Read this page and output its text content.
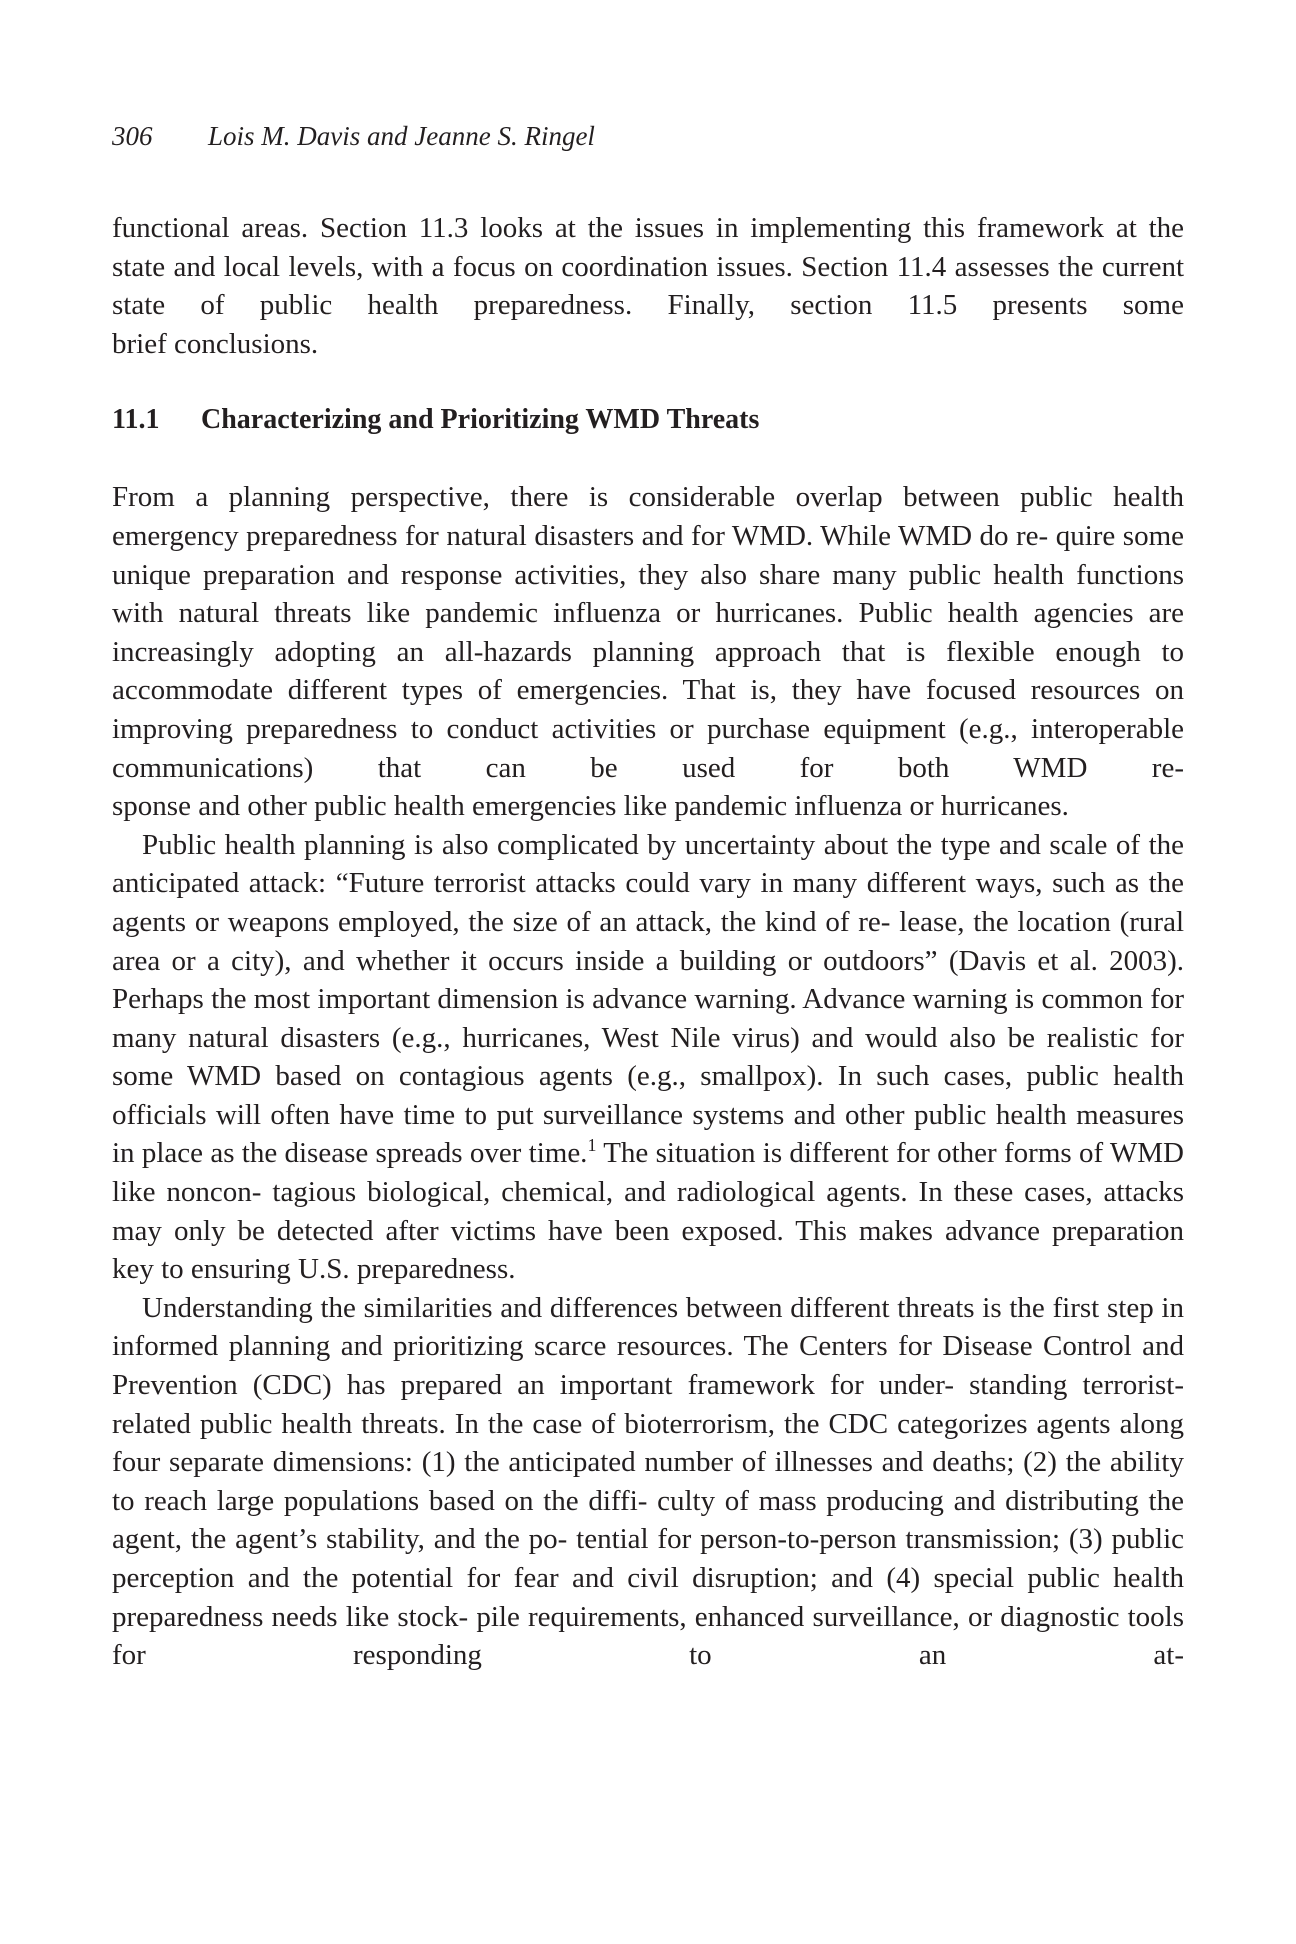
306 Lois M. Davis and Jeanne S. Ringel

functional areas. Section 11.3 looks at the issues in implementing this framework at the state and local levels, with a focus on coordination issues. Section 11.4 assesses the current state of public health preparedness. Finally, section 11.5 presents some

brief conclusions.

11.1 Characterizing and Prioritizing WMD Threats

From a planning perspective, there is considerable overlap between public health emergency preparedness for natural disasters and for WMD. While WMD do re- quire some unique preparation and response activities, they also share many public health functions with natural threats like pandemic influenza or hurricanes. Public health agencies are increasingly adopting an all-hazards planning approach that is flexible enough to accommodate different types of emergencies. That is, they have focused resources on improving preparedness to conduct activities or purchase equipment (e.g., interoperable communications) that can be used for both WMD re-

sponse and other public health emergencies like pandemic influenza or hurricanes.

Public health planning is also complicated by uncertainty about the type and scale of the anticipated attack: “Future terrorist attacks could vary in many different ways, such as the agents or weapons employed, the size of an attack, the kind of re- lease, the location (rural area or a city), and whether it occurs inside a building or outdoors” (Davis et al. 2003). Perhaps the most important dimension is advance warning. Advance warning is common for many natural disasters (e.g., hurricanes, West Nile virus) and would also be realistic for some WMD based on contagious agents (e.g., smallpox). In such cases, public health officials will often have time to put surveillance systems and other public health measures in place as the disease spreads over time.$^1$ The situation is different for other forms of WMD like noncon- tagious biological, chemical, and radiological agents. In these cases, attacks may only be detected after victims have been exposed. This makes advance preparation

key to ensuring U.S. preparedness.

Understanding the similarities and differences between different threats is the first step in informed planning and prioritizing scarce resources. The Centers for Disease Control and Prevention (CDC) has prepared an important framework for under- standing terrorist-related public health threats. In the case of bioterrorism, the CDC categorizes agents along four separate dimensions: (1) the anticipated number of illnesses and deaths; (2) the ability to reach large populations based on the diffi- culty of mass producing and distributing the agent, the agent’s stability, and the po- tential for person-to-person transmission; (3) public perception and the potential for fear and civil disruption; and (4) special public health preparedness needs like stock- pile requirements, enhanced surveillance, or diagnostic tools for responding to an at-
